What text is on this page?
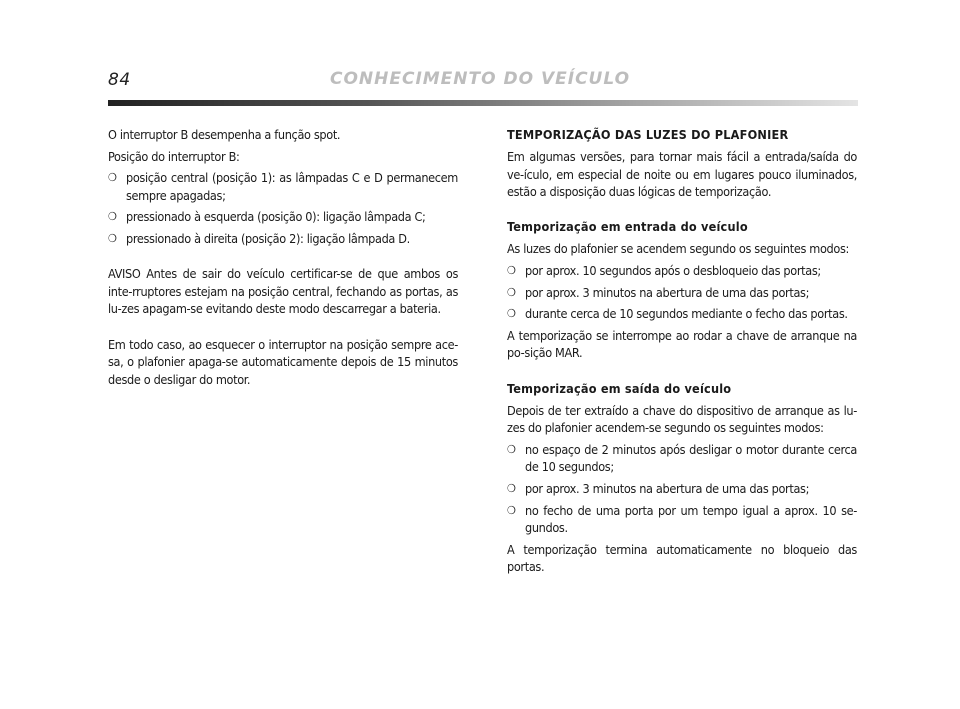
84	CONHECIMENTO DO VEÍCULO

O interruptor B desempenha a função spot.

Posição do interruptor B:

❍ posição central (posição 1): as lâmpadas C e D permanecem sempre apagadas;
❍ pressionado à esquerda (posição 0): ligação lâmpada C;
❍ pressionado à direita (posição 2): ligação lâmpada D.

AVISO Antes de sair do veículo certificar-se de que ambos os inte-rruptores estejam na posição central, fechando as portas, as lu-zes apagam-se evitando deste modo descarregar a bateria.

Em todo caso, ao esquecer o interruptor na posição sempre ace-sa, o plafonier apaga-se automaticamente depois de 15 minutos desde o desligar do motor.

TEMPORIZAÇÃO DAS LUZES DO PLAFONIER

Em algumas versões, para tornar mais fácil a entrada/saída do ve-ículo, em especial de noite ou em lugares pouco iluminados, estão a disposição duas lógicas de temporização.

Temporização em entrada do veículo

As luzes do plafonier se acendem segundo os seguintes modos:

❍ por aprox. 10 segundos após o desbloqueio das portas;
❍ por aprox. 3 minutos na abertura de uma das portas;
❍ durante cerca de 10 segundos mediante o fecho das portas.

A temporização se interrompe ao rodar a chave de arranque na po-sição MAR.

Temporização em saída do veículo

Depois de ter extraído a chave do dispositivo de arranque as lu-zes do plafonier acendem-se segundo os seguintes modos:

❍ no espaço de 2 minutos após desligar o motor durante cerca de 10 segundos;
❍ por aprox. 3 minutos na abertura de uma das portas;
❍ no fecho de uma porta por um tempo igual a aprox. 10 se-gundos.

A temporização termina automaticamente no bloqueio das portas.
